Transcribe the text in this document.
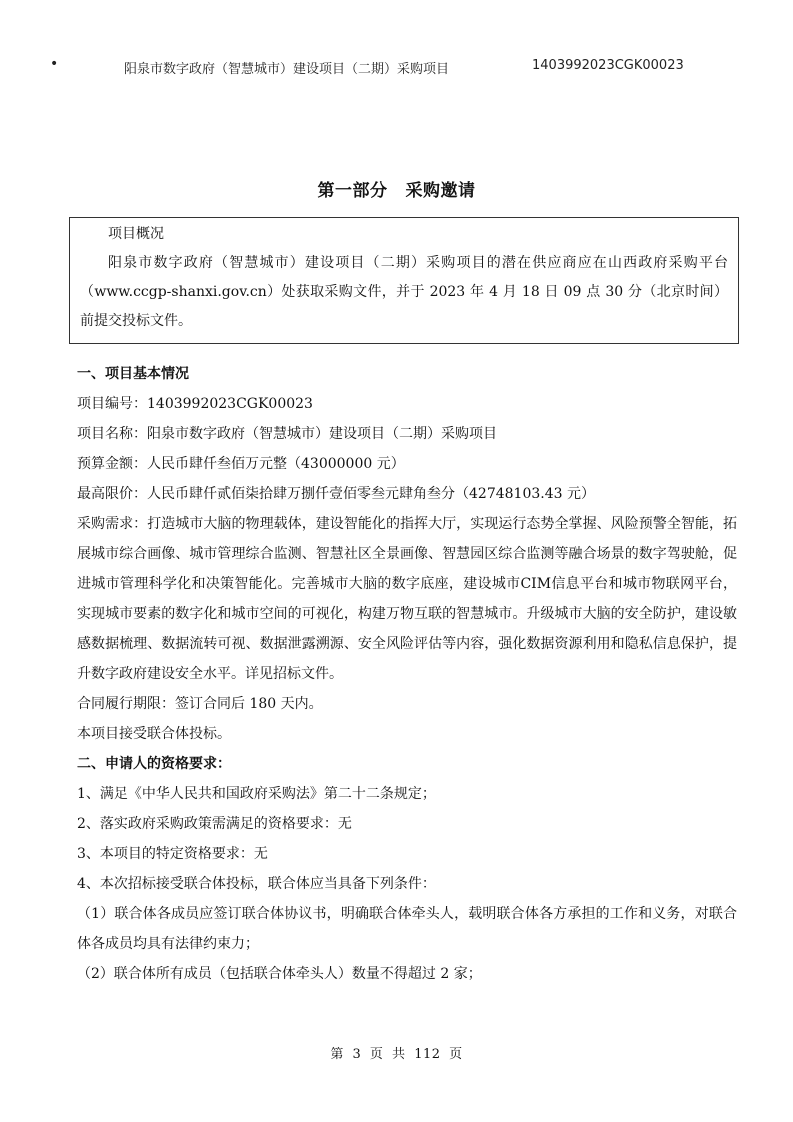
•	阳泉市数字政府（智慧城市）建设项目（二期）采购项目	1403992023CGK00023
第一部分 采购邀请
项目概况
阳泉市数字政府（智慧城市）建设项目（二期）采购项目的潜在供应商应在山西政府采购平台（www.ccgp-shanxi.gov.cn）处获取采购文件，并于 2023 年 4 月 18 日 09 点 30 分（北京时间）前提交投标文件。

一、项目基本情况

项目编号：1403992023CGK00023

项目名称：阳泉市数字政府（智慧城市）建设项目（二期）采购项目

预算金额：人民币肆仟叁佰万元整（43000000 元）

最高限价：人民币肆仟贰佰柒拾肆万捌仟壹佰零叁元肆角叁分（42748103.43 元）

采购需求：打造城市大脑的物理载体，建设智能化的指挥大厅，实现运行态势全掌握、风险预警全智能，拓展城市综合画像、城市管理综合监测、智慧社区全景画像、智慧园区综合监测等融合场景的数字驾驶舱，促进城市管理科学化和决策智能化。完善城市大脑的数字底座，建设城市CIM信息平台和城市物联网平台，实现城市要素的数字化和城市空间的可视化，构建万物互联的智慧城市。升级城市大脑的安全防护，建设敏感数据梳理、数据流转可视、数据泄露溯源、安全风险评估等内容，强化数据资源利用和隐私信息保护，提升数字政府建设安全水平。详见招标文件。

合同履行期限：签订合同后 180 天内。

本项目接受联合体投标。

二、申请人的资格要求：

1、满足《中华人民共和国政府采购法》第二十二条规定；

2、落实政府采购政策需满足的资格要求：无

3、本项目的特定资格要求：无

4、本次招标接受联合体投标，联合体应当具备下列条件：

（1）联合体各成员应签订联合体协议书，明确联合体牵头人，载明联合体各方承担的工作和义务，对联合体各成员均具有法律约束力；

（2）联合体所有成员（包括联合体牵头人）数量不得超过 2 家；

第 3 页 共 112 页
